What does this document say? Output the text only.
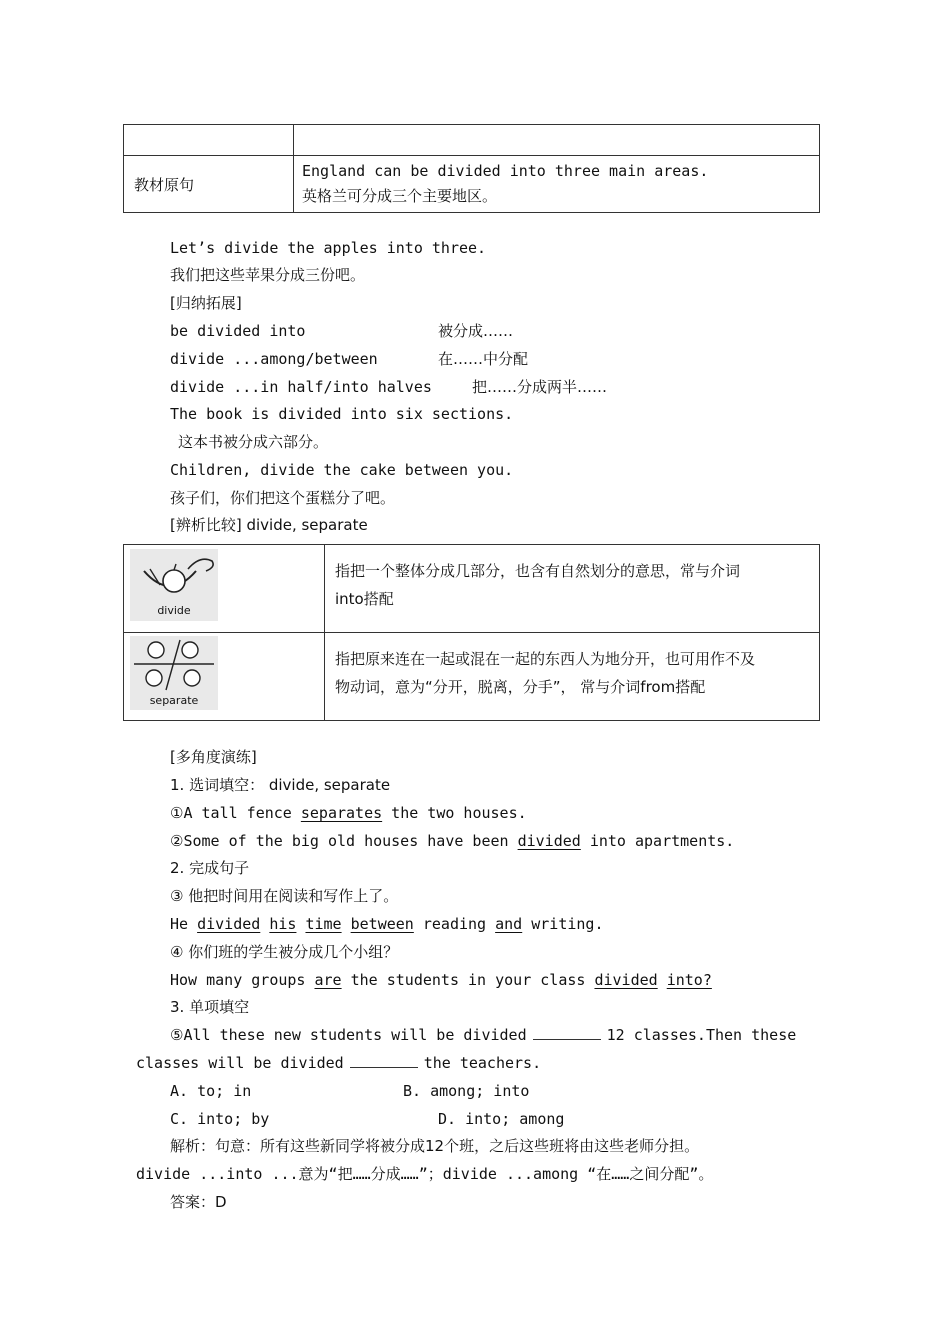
教材原句	England can be divided into three main areas.
英格兰可分成三个主要地区。
Let’s divide the apples into three.
我们把这些苹果分成三份吧。
[归纳拓展]
be divided into	被分成……
divide ...among/between	在……中分配
divide ...in half/into halves	把……分成两半……
The book is divided into six sections.
这本书被分成六部分。
Children, divide the cake between you.
孩子们，你们把这个蛋糕分了吧。
[辨析比较] divide, separate
divide	指把一个整体分成几部分，也含有自然划分的意思，常与介词
into搭配

separate	指把原来连在一起或混在一起的东西人为地分开，也可用作不及
物动词，意为“分开，脱离，分手”， 常与介词from搭配
[多角度演练]
1. 选词填空： divide, separate
①A tall fence separates the two houses.
②Some of the big old houses have been divided into apartments.
2. 完成句子
③ 他把时间用在阅读和写作上了。
He divided his time between reading and writing.
④ 你们班的学生被分成几个小组？
How many groups are the students in your class divided into?
3. 单项填空
⑤All these new students will be divided	12 classes.Then these
classes will be divided	the teachers.
A. to; in	B. among; into
C. into; by	D. into; among
解析：句意：所有这些新同学将被分成12个班，之后这些班将由这些老师分担。
divide ...into ...意为“把……分成……”；divide ...among “在……之间分配”。
答案：D
